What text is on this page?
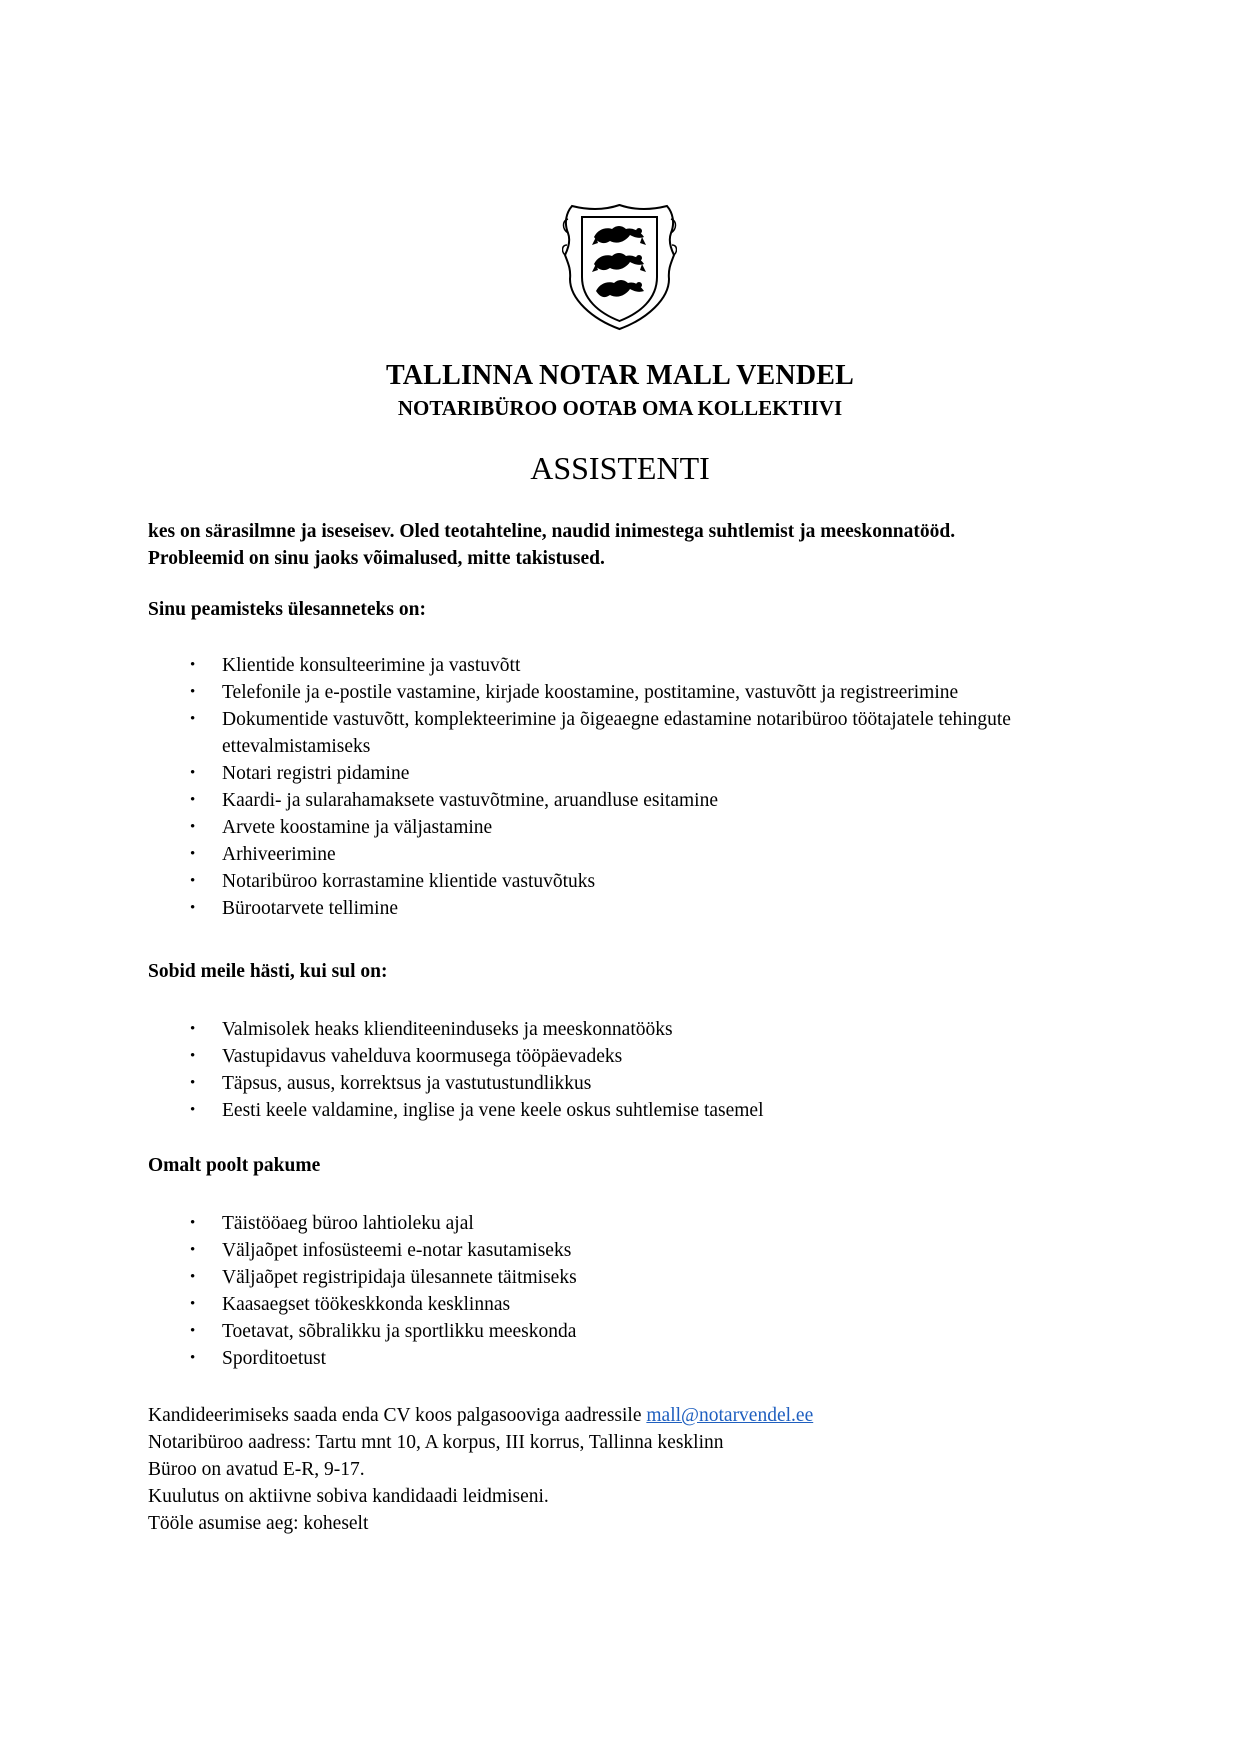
TALLINNA NOTAR MALL VENDEL
NOTARIBÜROO OOTAB OMA KOLLEKTIIVI
ASSISTENTI
kes on särasilmne ja iseseisev. Oled teotahteline, naudid inimestega suhtlemist ja meeskonnatööd.
Probleemid on sinu jaoks võimalused, mitte takistused.

Sinu peamisteks ülesanneteks on:

• Klientide konsulteerimine ja vastuvõtt
• Telefonile ja e-postile vastamine, kirjade koostamine, postitamine, vastuvõtt ja registreerimine
• Dokumentide vastuvõtt, komplekteerimine ja õigeaegne edastamine notaribüroo töötajatele tehingute ettevalmistamiseks
• Notari registri pidamine
• Kaardi- ja sularahamaksete vastuvõtmine, aruandluse esitamine
• Arvete koostamine ja väljastamine
• Arhiveerimine
• Notaribüroo korrastamine klientide vastuvõtuks
• Bürootarvete tellimine

Sobid meile hästi, kui sul on:

• Valmisolek heaks klienditeeninduseks ja meeskonnatööks
• Vastupidavus vahelduva koormusega tööpäevadeks
• Täpsus, ausus, korrektsus ja vastutustundlikkus
• Eesti keele valdamine, inglise ja vene keele oskus suhtlemise tasemel

Omalt poolt pakume

• Täistööaeg büroo lahtioleku ajal
• Väljaõpet infosüsteemi e-notar kasutamiseks
• Väljaõpet registripidaja ülesannete täitmiseks
• Kaasaegset töökeskkonda kesklinnas
• Toetavat, sõbralikku ja sportlikku meeskonda
• Sporditoetust

Kandideerimiseks saada enda CV koos palgasooviga aadressile mall@notarvendel.ee

Notaribüroo aadress: Tartu mnt 10, A korpus, III korrus, Tallinna kesklinn

Büroo on avatud E-R, 9-17.

Kuulutus on aktiivne sobiva kandidaadi leidmiseni.

Tööle asumise aeg: koheselt
